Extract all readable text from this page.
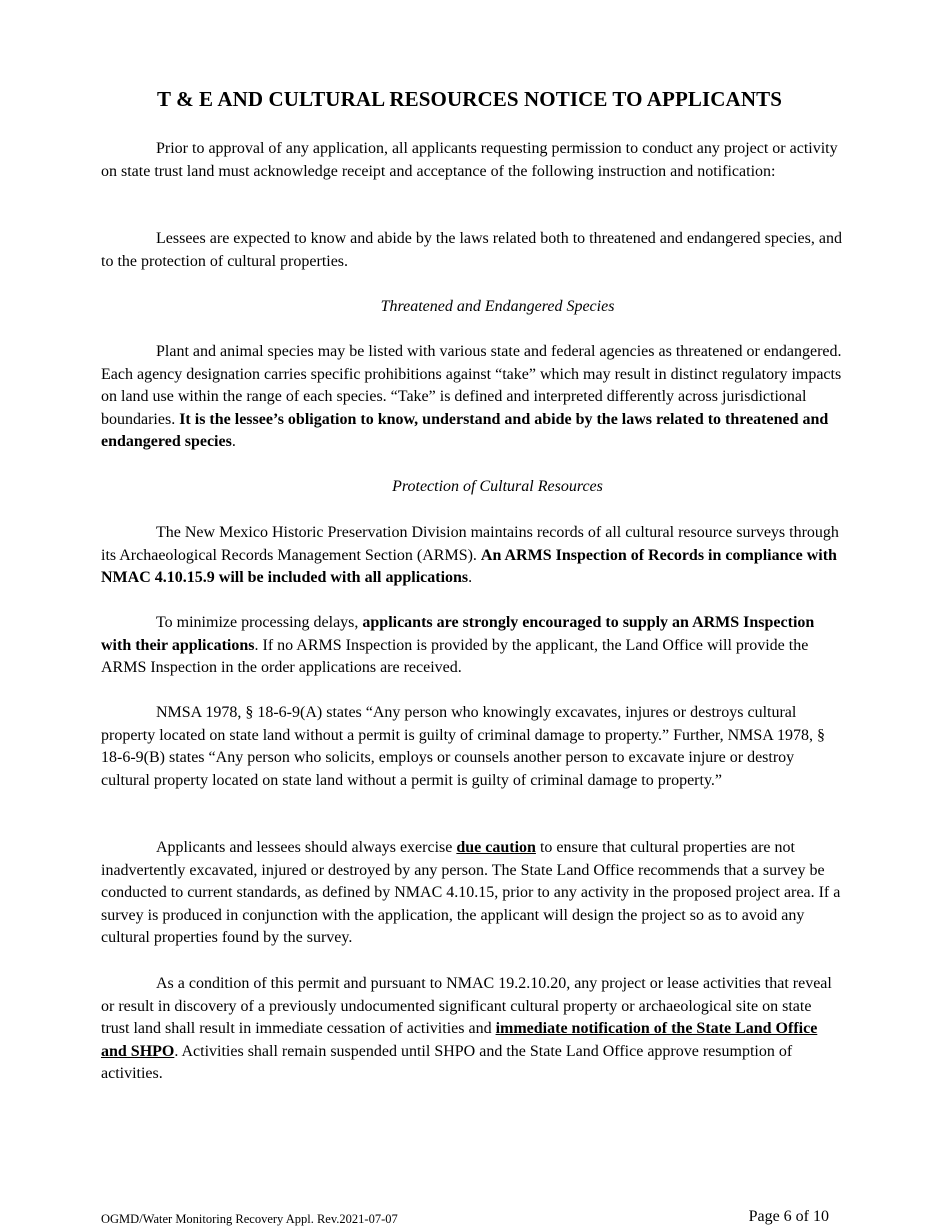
T & E AND CULTURAL RESOURCES NOTICE TO APPLICANTS

Prior to approval of any application, all applicants requesting permission to conduct any project or activity on state trust land must acknowledge receipt and acceptance of the following instruction and notification:

Lessees are expected to know and abide by the laws related both to threatened and endangered species, and to the protection of cultural properties.

Threatened and Endangered Species

Plant and animal species may be listed with various state and federal agencies as threatened or endangered. Each agency designation carries specific prohibitions against “take” which may result in distinct regulatory impacts on land use within the range of each species. “Take” is defined and interpreted differently across jurisdictional boundaries. It is the lessee’s obligation to know, understand and abide by the laws related to threatened and endangered species.

Protection of Cultural Resources

The New Mexico Historic Preservation Division maintains records of all cultural resource surveys through its Archaeological Records Management Section (ARMS). An ARMS Inspection of Records in compliance with NMAC 4.10.15.9 will be included with all applications.

To minimize processing delays, applicants are strongly encouraged to supply an ARMS Inspection with their applications. If no ARMS Inspection is provided by the applicant, the Land Office will provide the ARMS Inspection in the order applications are received.

NMSA 1978, § 18-6-9(A) states “Any person who knowingly excavates, injures or destroys cultural property located on state land without a permit is guilty of criminal damage to property.” Further, NMSA 1978, § 18-6-9(B) states “Any person who solicits, employs or counsels another person to excavate injure or destroy cultural property located on state land without a permit is guilty of criminal damage to property.”

Applicants and lessees should always exercise due caution to ensure that cultural properties are not inadvertently excavated, injured or destroyed by any person. The State Land Office recommends that a survey be conducted to current standards, as defined by NMAC 4.10.15, prior to any activity in the proposed project area. If a survey is produced in conjunction with the application, the applicant will design the project so as to avoid any cultural properties found by the survey.

As a condition of this permit and pursuant to NMAC 19.2.10.20, any project or lease activities that reveal or result in discovery of a previously undocumented significant cultural property or archaeological site on state trust land shall result in immediate cessation of activities and immediate notification of the State Land Office and SHPO. Activities shall remain suspended until SHPO and the State Land Office approve resumption of activities.

OGMD/Water Monitoring Recovery Appl. Rev.2021-07-07	Page 6 of 10
